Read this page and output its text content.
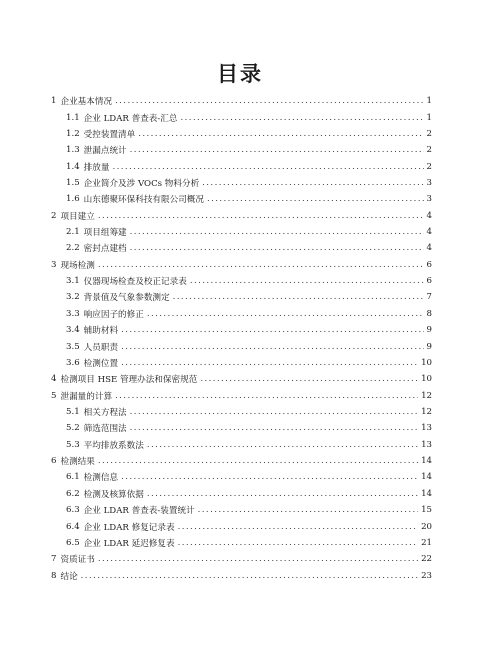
目录
1 企业基本情况 .....	1
1.1 企业 LDAR 普查表-汇总 .....	1
1.2 受控装置清单 .....	2
1.3 泄漏点统计 .....	2
1.4 排放量 .....	2
1.5 企业简介及涉 VOCs 物料分析 .....	3
1.6 山东德聚环保科技有限公司概况 .....	3
2 项目建立 .....	4
2.1 项目组筹建 .....	4
2.2 密封点建档 .....	4
3 现场检测 .....	6
3.1 仪器现场检查及校正记录表 .....	6
3.2 背景值及气象参数测定 .....	7
3.3 响应因子的修正 .....	8
3.4 辅助材料 .....	9
3.5 人员职责 .....	9
3.6 检测位置 .....	10
4 检测项目 HSE 管理办法和保密规范 .....	10
5 泄漏量的计算 .....	12
5.1 相关方程法 .....	12
5.2 筛选范围法 .....	13
5.3 平均排放系数法 .....	13
6 检测结果 .....	14
6.1 检测信息 .....	14
6.2 检测及核算依据 .....	14
6.3 企业 LDAR 普查表-装置统计 .....	15
6.4 企业 LDAR 修复记录表 .....	20
6.5 企业 LDAR 延迟修复表 .....	21
7 资质证书 .....	22
8 结论 .....	23
